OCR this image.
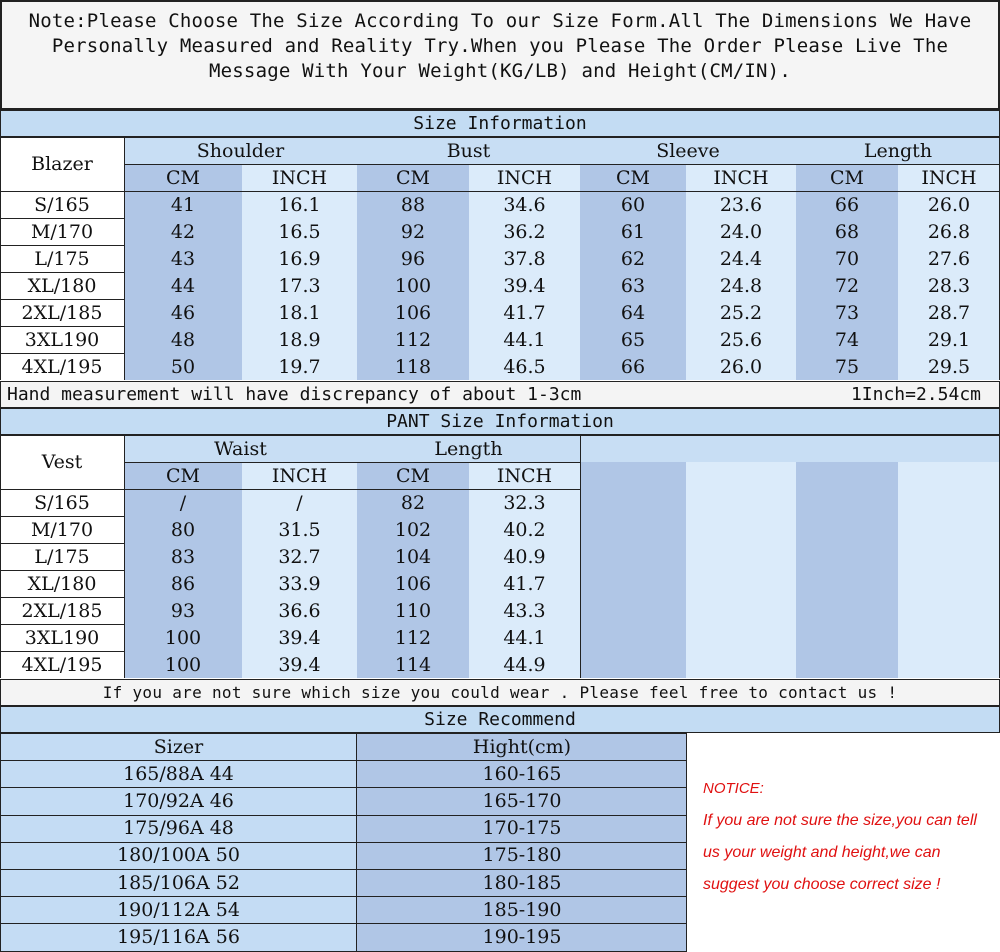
Note:Please Choose The Size According To our Size Form.All The Dimensions We Have Personally Measured and Reality Try.When you Please The Order Please Live The Message With Your Weight(KG/LB) and Height(CM/IN).
Size Information
Hand measurement will have discrepancy of about 1-3cm	1Inch=2.54cm
PANT Size Information
If you are not sure which size you could wear . Please feel free to contact us !
Size Recommend
NOTICE:
If you are not sure the size,you can tell
us your weight and height,we can
suggest you choose correct size !
Shoulder	Bust	Sleeve	Length
CM	INCH	CM	INCH	CM	INCH	CM	INCH
Blazer
S/165	41	16.1	88	34.6	60	23.6	66	26.0
M/170	42	16.5	92	36.2	61	24.0	68	26.8
L/175	43	16.9	96	37.8	62	24.4	70	27.6
XL/180	44	17.3	100	39.4	63	24.8	72	28.3
2XL/185	46	18.1	106	41.7	64	25.2	73	28.7
3XL190	48	18.9	112	44.1	65	25.6	74	29.1
4XL/195	50	19.7	118	46.5	66	26.0	75	29.5
Waist	Length
CM	INCH	CM	INCH
Vest
S/165	/	/	82	32.3
M/170	80	31.5	102	40.2
L/175	83	32.7	104	40.9
XL/180	86	33.9	106	41.7
2XL/185	93	36.6	110	43.3
3XL190	100	39.4	112	44.1
4XL/195	100	39.4	114	44.9
Sizer	Hight(cm)
165/88A 44	160-165
170/92A 46	165-170
175/96A 48	170-175
180/100A 50	175-180
185/106A 52	180-185
190/112A 54	185-190
195/116A 56	190-195
